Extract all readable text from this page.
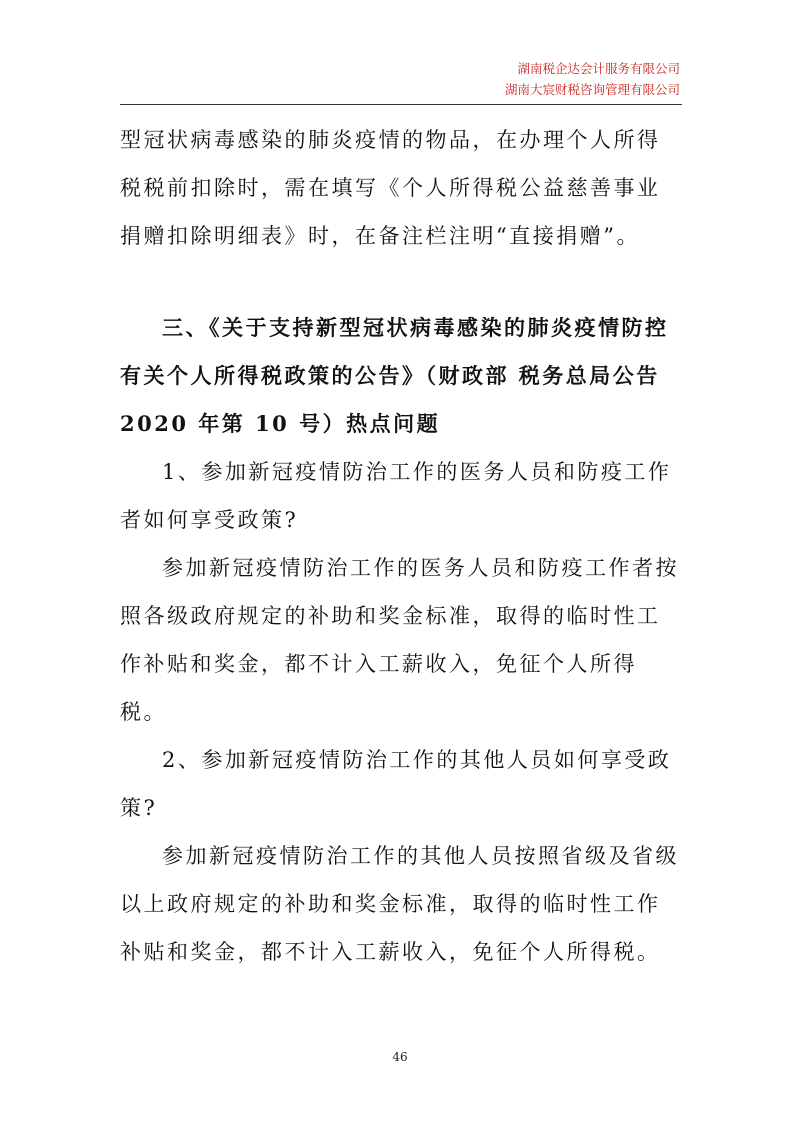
湖南税企达会计服务有限公司
湖南大宸财税咨询管理有限公司

型冠状病毒感染的肺炎疫情的物品，在办理个人所得税税前扣除时，需在填写《个人所得税公益慈善事业捐赠扣除明细表》时，在备注栏注明“直接捐赠”。

三、《关于支持新型冠状病毒感染的肺炎疫情防控有关个人所得税政策的公告》（财政部 税务总局公告 2020 年第 10 号）热点问题

1、参加新冠疫情防治工作的医务人员和防疫工作者如何享受政策?

参加新冠疫情防治工作的医务人员和防疫工作者按照各级政府规定的补助和奖金标准，取得的临时性工作补贴和奖金，都不计入工薪收入，免征个人所得税。

2、参加新冠疫情防治工作的其他人员如何享受政策?

参加新冠疫情防治工作的其他人员按照省级及省级以上政府规定的补助和奖金标准，取得的临时性工作补贴和奖金，都不计入工薪收入，免征个人所得税。

46
